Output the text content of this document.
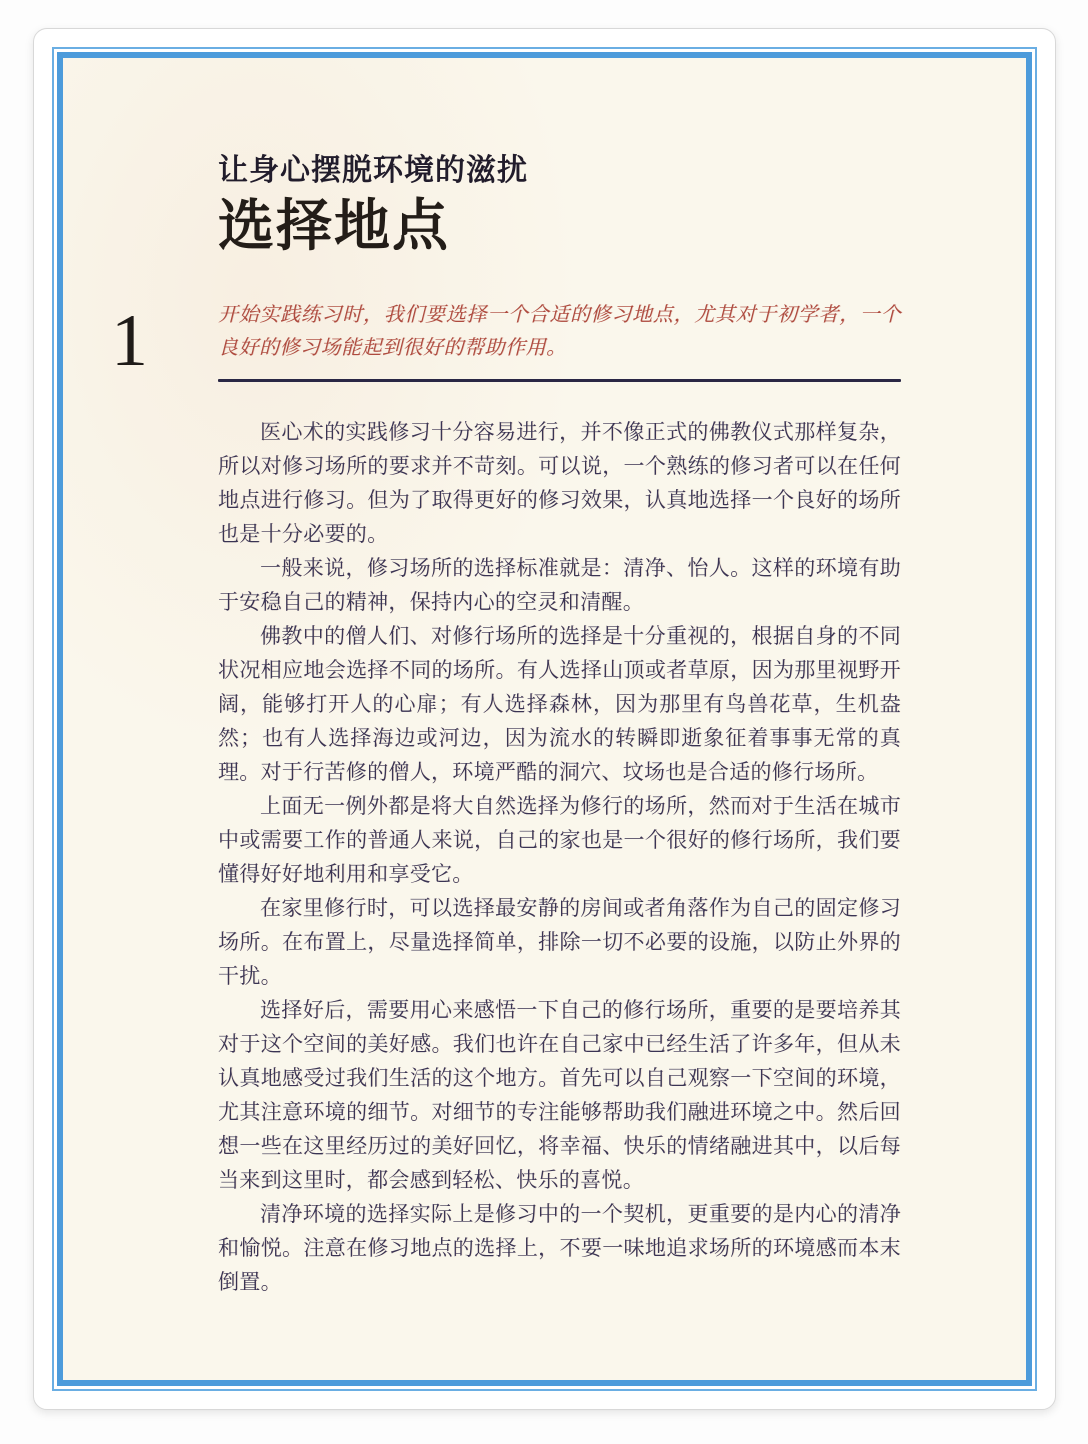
1
让身心摆脱环境的滋扰
选择地点

开始实践练习时，我们要选择一个合适的修习地点，尤其对于初学者，一个良好的修习场能起到很好的帮助作用。

医心术的实践修习十分容易进行，并不像正式的佛教仪式那样复杂，所以对修习场所的要求并不苛刻。可以说，一个熟练的修习者可以在任何地点进行修习。但为了取得更好的修习效果，认真地选择一个良好的场所也是十分必要的。

一般来说，修习场所的选择标准就是：清净、怡人。这样的环境有助于安稳自己的精神，保持内心的空灵和清醒。

佛教中的僧人们、对修行场所的选择是十分重视的，根据自身的不同状况相应地会选择不同的场所。有人选择山顶或者草原，因为那里视野开阔，能够打开人的心扉；有人选择森林，因为那里有鸟兽花草，生机盎然；也有人选择海边或河边，因为流水的转瞬即逝象征着事事无常的真理。对于行苦修的僧人，环境严酷的洞穴、坟场也是合适的修行场所。

上面无一例外都是将大自然选择为修行的场所，然而对于生活在城市中或需要工作的普通人来说，自己的家也是一个很好的修行场所，我们要懂得好好地利用和享受它。

在家里修行时，可以选择最安静的房间或者角落作为自己的固定修习场所。在布置上，尽量选择简单，排除一切不必要的设施，以防止外界的干扰。

选择好后，需要用心来感悟一下自己的修行场所，重要的是要培养其对于这个空间的美好感。我们也许在自己家中已经生活了许多年，但从未认真地感受过我们生活的这个地方。首先可以自己观察一下空间的环境，尤其注意环境的细节。对细节的专注能够帮助我们融进环境之中。然后回想一些在这里经历过的美好回忆，将幸福、快乐的情绪融进其中，以后每当来到这里时，都会感到轻松、快乐的喜悦。

清净环境的选择实际上是修习中的一个契机，更重要的是内心的清净和愉悦。注意在修习地点的选择上，不要一味地追求场所的环境感而本末倒置。
